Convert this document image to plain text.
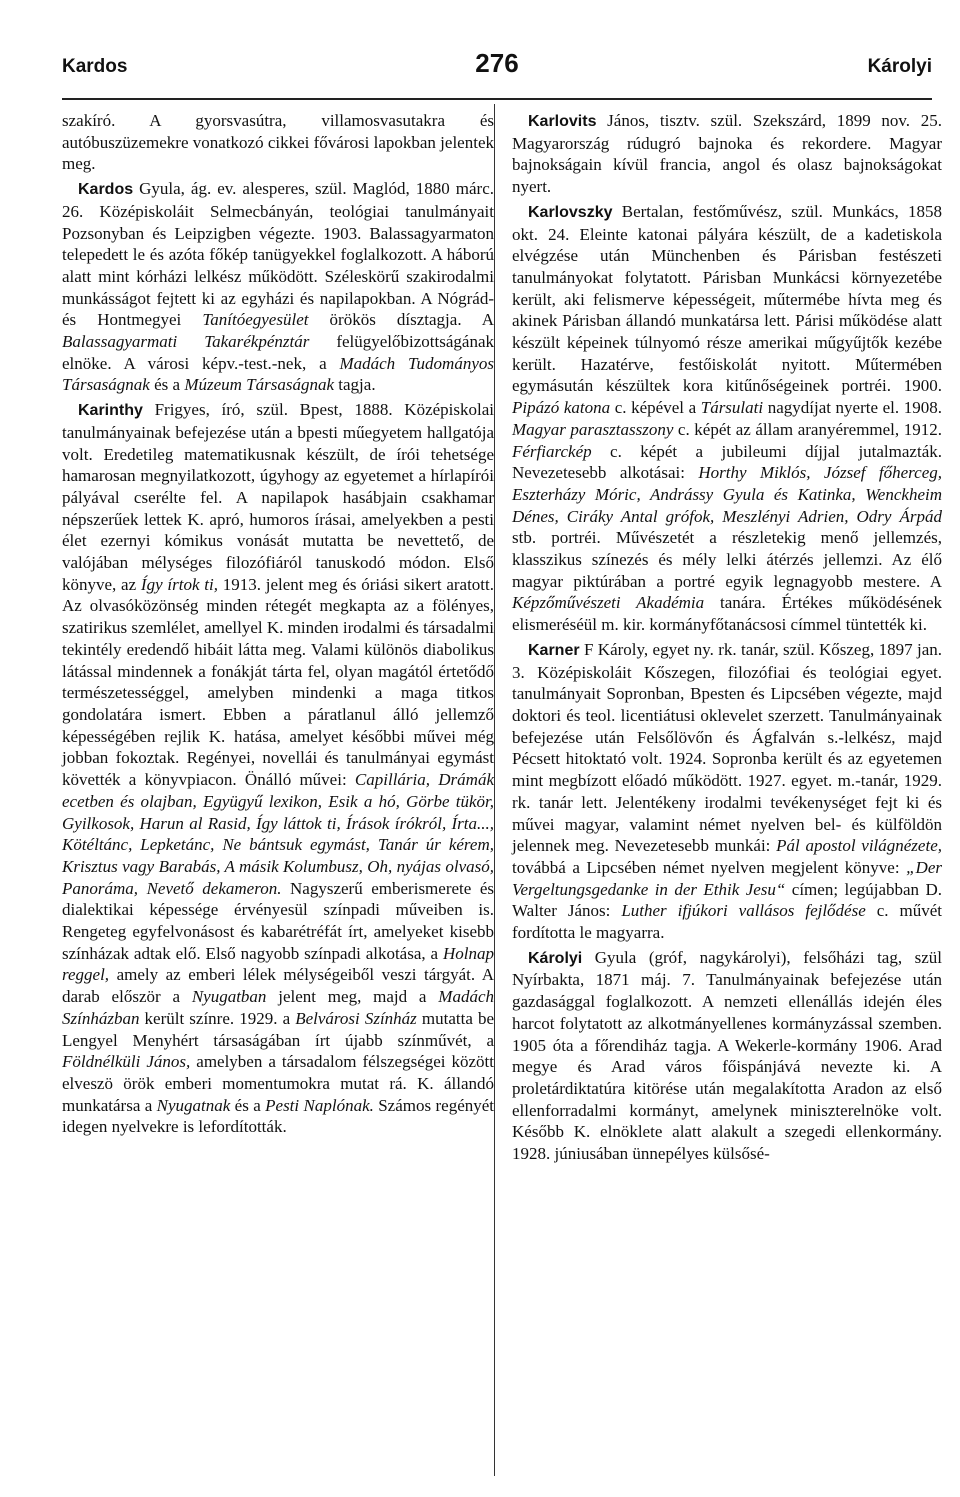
Kardos	276	Károlyi

szakíró. A gyorsvasútra, villamosvasutakra és autóbuszüzemekre vonatkozó cikkei fővárosi lapokban jelentek meg.

Kardos Gyula, ág. ev. alesperes, szül. Maglód, 1880 márc. 26. Középiskoláit Selmecbányán, teológiai tanulmányait Pozsonyban és Leipzigben végezte. 1903. Balassagyarmaton telepedett le és azóta főkép tanügyekkel foglalkozott. A háború alatt mint kórházi lelkész működött. Széleskörű szakirodalmi munkásságot fejtett ki az egyházi és napilapokban. A Nógrád- és Hontmegyei Tanítóegyesület örökös dísztagja. A Balassagyarmati Takarékpénztár felügyelőbizottságának elnöke. A városi képv.-test.-nek, a Madách Tudományos Társaságnak és a Múzeum Társaságnak tagja.

Karinthy Frigyes, író, szül. Bpest, 1888. Középiskolai tanulmányainak befejezése után a bpesti műegyetem hallgatója volt. Eredetileg matematikusnak készült, de írói tehetsége hamarosan megnyilatkozott, úgyhogy az egyetemet a hírlapírói pályával cserélte fel. A napilapok hasábjain csakhamar népszerűek lettek K. apró, humoros írásai, amelyekben a pesti élet ezernyi kómikus vonását mutatta be nevettető, de valójában mélységes filozófiáról tanuskodó módon. Első könyve, az Így írtok ti, 1913. jelent meg és óriási sikert aratott. Az olvasóközönség minden rétegét megkapta az a fölényes, szatirikus szemlélet, amellyel K. minden irodalmi és társadalmi tekintély eredendő hibáit látta meg. Valami különös diabolikus látással mindennek a fonákját tárta fel, olyan magától értetődő természetességgel, amelyben mindenki a maga titkos gondolatára ismert. Ebben a páratlanul álló jellemző képességében rejlik K. hatása, amelyet későbbi művei még jobban fokoztak. Regényei, novellái és tanulmányai egymást követték a könyvpiacon. Önálló művei: Capillária, Drámák ecetben és olajban, Együgyű lexikon, Esik a hó, Görbe tükör, Gyilkosok, Harun al Rasid, Így láttok ti, Írások írókról, Írta..., Kötéltánc, Lepketánc, Ne bántsuk egymást, Tanár úr kérem, Krisztus vagy Barabás, A másik Kolumbusz, Oh, nyájas olvasó, Panoráma, Nevető dekameron. Nagyszerű emberismerete és dialektikai képessége érvényesül színpadi műveiben is. Rengeteg egyfelvonásost és kabarétréfát írt, amelyeket kisebb színházak adtak elő. Első nagyobb színpadi alkotása, a Holnap reggel, amely az emberi lélek mélységeiből veszi tárgyát. A darab először a Nyugatban jelent meg, majd a Madách Színházban került színre. 1929. a Belvárosi Színház mutatta be Lengyel Menyhért társaságában írt újabb színművét, a Földnélküli János, amelyben a társadalom félszegségei között elveszö örök emberi momentumokra mutat rá. K. állandó munkatársa a Nyugatnak és a Pesti Naplónak. Számos regényét idegen nyelvekre is lefordították.

Karlovits János, tisztv. szül. Szekszárd, 1899 nov. 25. Magyarország rúdugró bajnoka és rekordere. Magyar bajnokságain kívül francia, angol és olasz bajnokságokat nyert.

Karlovszky Bertalan, festőművész, szül. Munkács, 1858 okt. 24. Eleinte katonai pályára készült, de a kadetiskola elvégzése után Münchenben és Párisban festészeti tanulmányokat folytatott. Párisban Munkácsi környezetébe került, aki felismerve képességeit, műtermébe hívta meg és akinek Párisban állandó munkatársa lett. Párisi működése alatt készült képeinek túlnyomó része amerikai műgyűjtők kezébe került. Hazatérve, festőiskolát nyitott. Műtermében egymásután készültek kora kitűnőségeinek portréi. 1900. Pipázó katona c. képével a Társulati nagydíjat nyerte el. 1908. Magyar parasztasszony c. képét az állam aranyéremmel, 1912. Férfiarckép c. képét a jubileumi díjjal jutalmazták. Nevezetesebb alkotásai: Horthy Miklós, József főherceg, Eszterházy Móric, Andrássy Gyula és Katinka, Wenckheim Dénes, Ciráky Antal grófok, Meszlényi Adrien, Odry Árpád stb. portréi. Művészetét a részletekig menő jellemzés, klasszikus színezés és mély lelki átérzés jellemzi. Az élő magyar piktúrában a portré egyik legnagyobb mestere. A Képzőművészeti Akadémia tanára. Értékes működésének elismeréséül m. kir. kormányfőtanácsosi címmel tüntették ki.

Karner F Károly, egyet ny. rk. tanár, szül. Kőszeg, 1897 jan. 3. Középiskoláit Kőszegen, filozófiai és teológiai egyet. tanulmányait Sopronban, Bpesten és Lipcsében végezte, majd doktori és teol. licentiátusi oklevelet szerzett. Tanulmányainak befejezése után Felsőlövőn és Ágfalván s.-lelkész, majd Pécsett hitoktató volt. 1924. Sopronba került és az egyetemen mint megbízott előadó működött. 1927. egyet. m.-tanár, 1929. rk. tanár lett. Jelentékeny irodalmi tevékenységet fejt ki és művei magyar, valamint német nyelven bel- és külföldön jelennek meg. Nevezetesebb munkái: Pál apostol világnézete, továbbá a Lipcsében német nyelven megjelent könyve: „Der Vergeltungsgedanke in der Ethik Jesu“ címen; legújabban D. Walter János: Luther ifjúkori vallásos fejlődése c. művét fordította le magyarra.

Károlyi Gyula (gróf, nagykárolyi), felsőházi tag, szül Nyírbakta, 1871 máj. 7. Tanulmányainak befejezése után gazdasággal foglalkozott. A nemzeti ellenállás idején éles harcot folytatott az alkotmányellenes kormányzással szemben. 1905 óta a főrendiház tagja. A Wekerle-kormány 1906. Arad megye és Arad város főispánjává nevezte ki. A proletárdiktatúra kitörése után megalakította Aradon az első ellenforradalmi kormányt, amelynek miniszterelnöke volt. Később K. elnöklete alatt alakult a szegedi ellenkormány. 1928. júniusában ünnepélyes külsősé-
